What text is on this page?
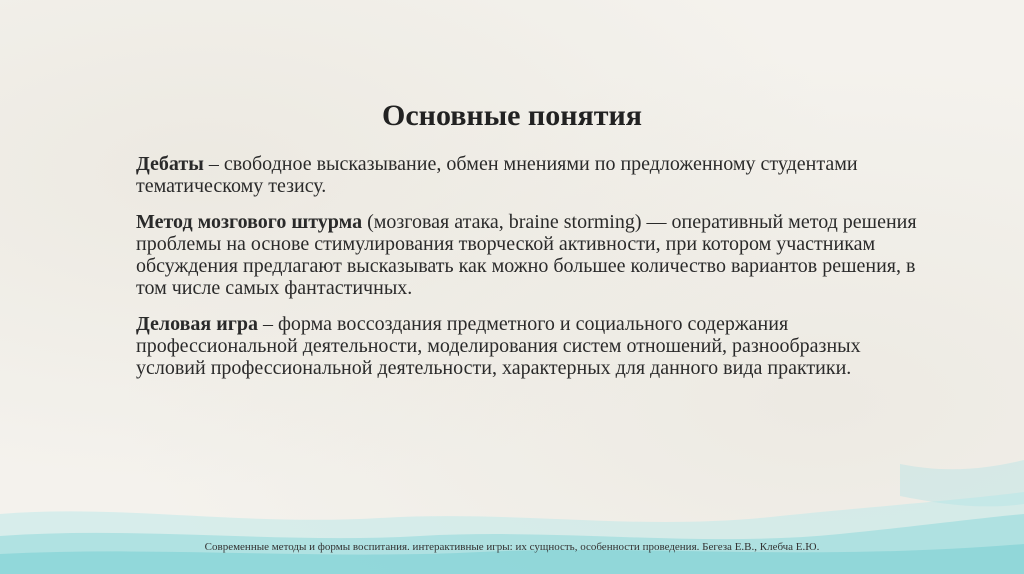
Основные понятия

Дебаты – свободное высказывание, обмен мнениями по предложенному студентами тематическому тезису.

Метод мозгового штурма (мозговая атака, braine storming) — оперативный метод решения проблемы на основе стимулирования творческой активности, при котором участникам обсуждения предлагают высказывать как можно большее количество вариантов решения, в том числе самых фантастичных.

Деловая игра – форма воссоздания предметного и социального содержания профессиональной деятельности, моделирования систем отношений, разнообразных условий профессиональной деятельности, характерных для данного вида практики.

Современные методы и формы воспитания. интерактивные игры: их сущность, особенности проведения. Бегеза Е.В., Клебча Е.Ю.
